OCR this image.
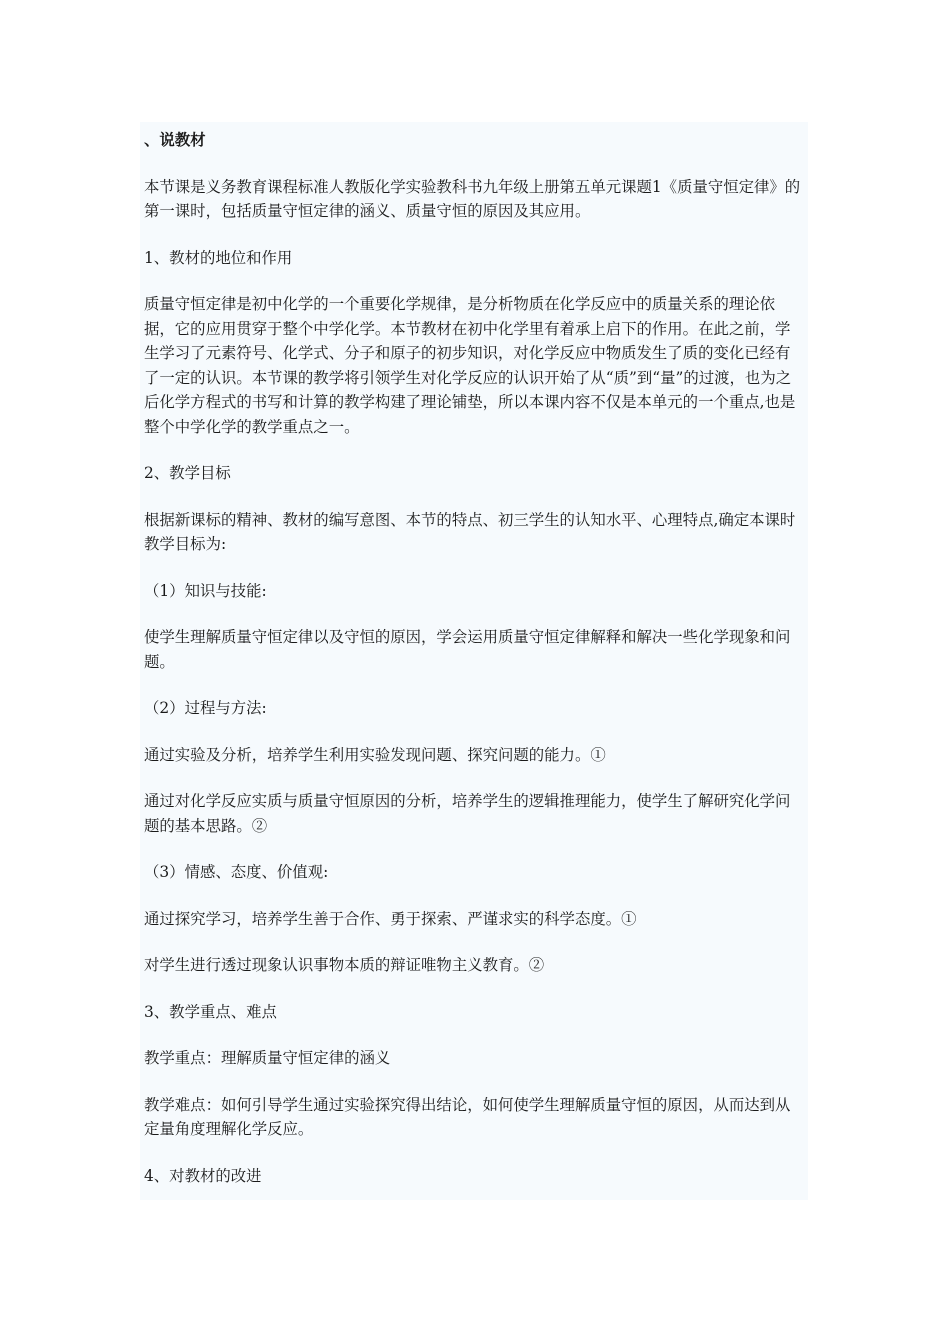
、说教材

本节课是义务教育课程标准人教版化学实验教科书九年级上册第五单元课题1《质量守恒定律》的第一课时，包括质量守恒定律的涵义、质量守恒的原因及其应用。

1、教材的地位和作用

质量守恒定律是初中化学的一个重要化学规律，是分析物质在化学反应中的质量关系的理论依据，它的应用贯穿于整个中学化学。本节教材在初中化学里有着承上启下的作用。在此之前，学生学习了元素符号、化学式、分子和原子的初步知识，对化学反应中物质发生了质的变化已经有了一定的认识。本节课的教学将引领学生对化学反应的认识开始了从“质”到“量”的过渡，也为之后化学方程式的书写和计算的教学构建了理论铺垫，所以本课内容不仅是本单元的一个重点,也是整个中学化学的教学重点之一。

2、教学目标

根据新课标的精神、教材的编写意图、本节的特点、初三学生的认知水平、心理特点,确定本课时教学目标为:

（1）知识与技能:

使学生理解质量守恒定律以及守恒的原因，学会运用质量守恒定律解释和解决一些化学现象和问题。

（2）过程与方法:

通过实验及分析，培养学生利用实验发现问题、探究问题的能力。①

通过对化学反应实质与质量守恒原因的分析，培养学生的逻辑推理能力，使学生了解研究化学问题的基本思路。②

（3）情感、态度、价值观:

通过探究学习，培养学生善于合作、勇于探索、严谨求实的科学态度。①

对学生进行透过现象认识事物本质的辩证唯物主义教育。②

3、教学重点、难点

教学重点：理解质量守恒定律的涵义

教学难点：如何引导学生通过实验探究得出结论，如何使学生理解质量守恒的原因，从而达到从定量角度理解化学反应。

4、对教材的改进
